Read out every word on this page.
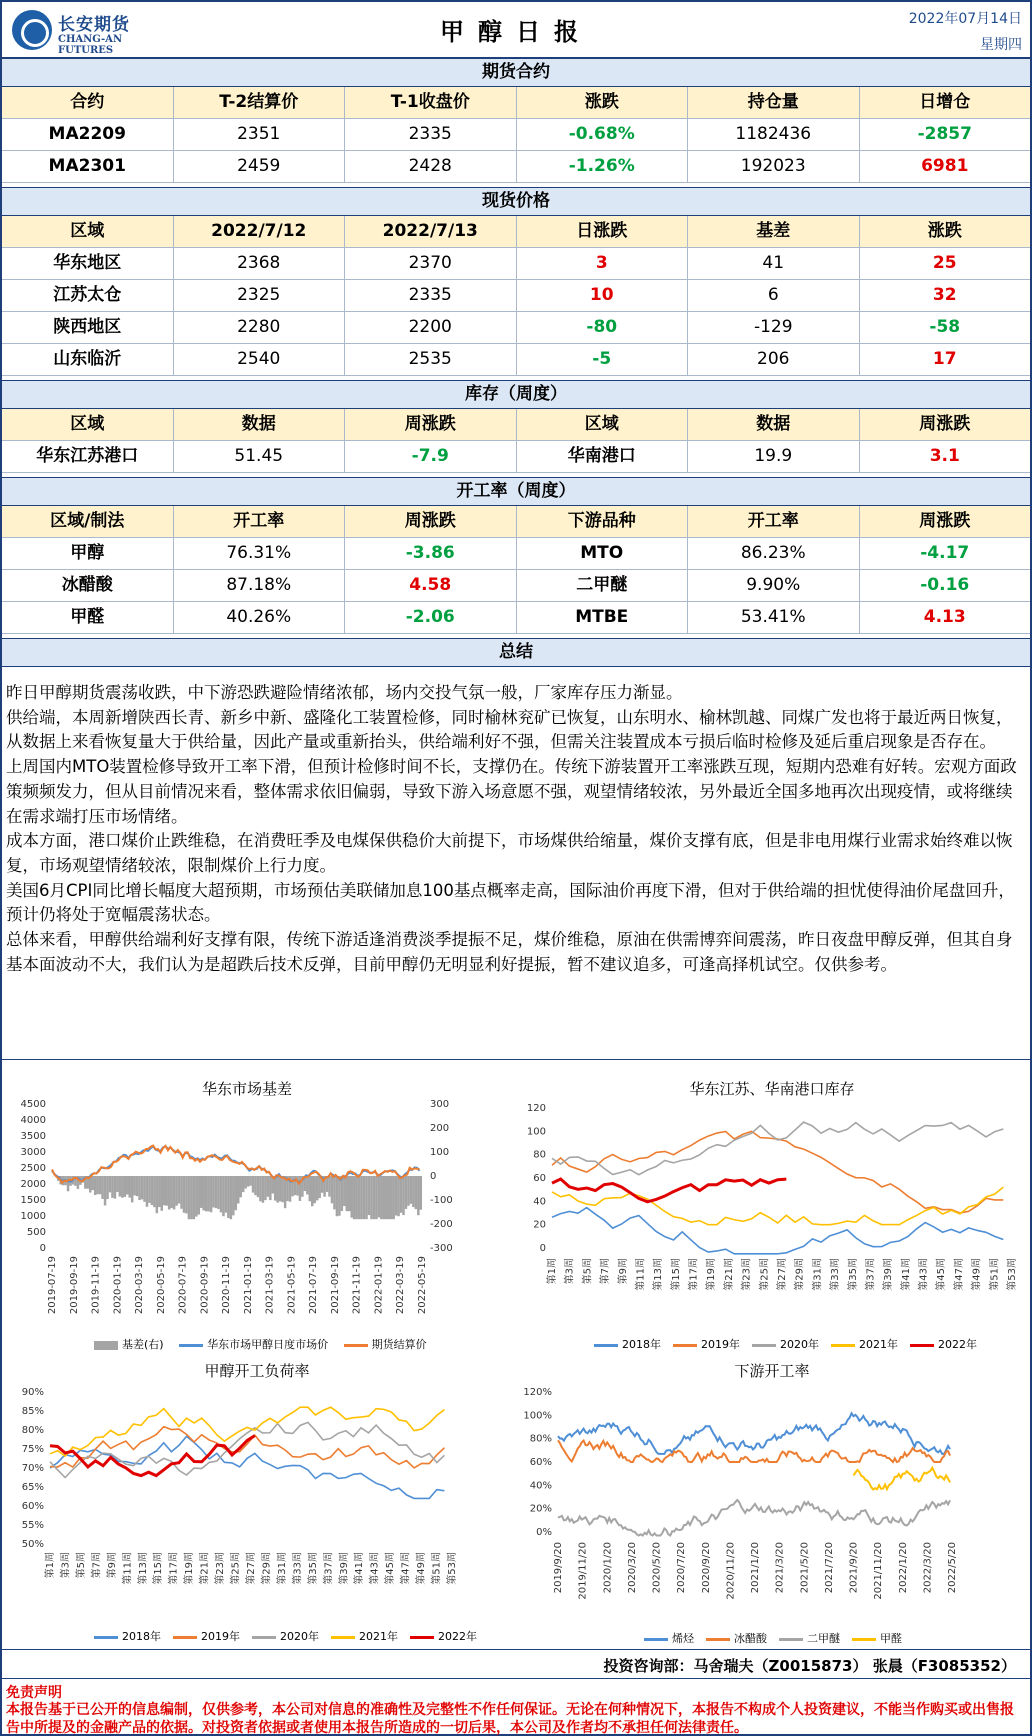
长安期货
CHANG-AN FUTURES
甲醇日报	2022年07月14日
星期四
期货合约
合约	T-2结算价	T-1收盘价	涨跌	持仓量	日增仓
MA2209	2351	2335	-0.68%	1182436	-2857
MA2301	2459	2428	-1.26%	192023	6981
现货价格
区域	2022/7/12	2022/7/13	日涨跌	基差	涨跌
华东地区	2368	2370	3	41	25
江苏太仓	2325	2335	10	6	32
陕西地区	2280	2200	-80	-129	-58
山东临沂	2540	2535	-5	206	17
库存（周度）
区域	数据	周涨跌	区域	数据	周涨跌
华东江苏港口	51.45	-7.9	华南港口	19.9	3.1
开工率（周度）
区域/制法	开工率	周涨跌	下游品种	开工率	周涨跌
甲醇	76.31%	-3.86	MTO	86.23%	-4.17
冰醋酸	87.18%	4.58	二甲醚	9.90%	-0.16
甲醛	40.26%	-2.06	MTBE	53.41%	4.13
总结

昨日甲醇期货震荡收跌，中下游恐跌避险情绪浓郁，场内交投气氛一般，厂家库存压力渐显。

供给端，本周新增陕西长青、新乡中新、盛隆化工装置检修，同时榆林兖矿已恢复，山东明水、榆林凯越、同煤广发也将于最近两日恢复，从数据上来看恢复量大于供给量，因此产量或重新抬头，供给端利好不强，但需关注装置成本亏损后临时检修及延后重启现象是否存在。

上周国内MTO装置检修导致开工率下滑，但预计检修时间不长，支撑仍在。传统下游装置开工率涨跌互现，短期内恐难有好转。宏观方面政策频频发力，但从目前情况来看，整体需求依旧偏弱，导致下游入场意愿不强，观望情绪较浓，另外最近全国多地再次出现疫情，或将继续在需求端打压市场情绪。

成本方面，港口煤价止跌维稳，在消费旺季及电煤保供稳价大前提下，市场煤供给缩量，煤价支撑有底，但是非电用煤行业需求始终难以恢复，市场观望情绪较浓，限制煤价上行力度。

美国6月CPI同比增长幅度大超预期，市场预估美联储加息100基点概率走高，国际油价再度下滑，但对于供给端的担忧使得油价尾盘回升，预计仍将处于宽幅震荡状态。

总体来看，甲醇供给端利好支撑有限，传统下游适逢消费淡季提振不足，煤价维稳，原油在供需博弈间震荡，昨日夜盘甲醇反弹，但其自身基本面波动不大，我们认为是超跌后技术反弹，目前甲醇仍无明显利好提振，暂不建议追多，可逢高择机试空。仅供参考。

华东市场基差
4500
4000
3500
3000
2500
2000
1500
1000
500
0
300
200
100
0
-100
-200
-300
2019-07-19 2019-09-19 2019-11-19 2020-01-19 2020-03-19 2020-05-19 2020-07-19 2020-09-19 2020-11-19 2021-01-19 2021-03-19 2021-05-19 2021-07-19 2021-09-19 2021-11-19 2022-01-19 2022-03-19 2022-05-19
基差(右)	华东市场甲醇日度市场价	期货结算价
华东江苏、华南港口库存
120
100
80
60
40
20
0
第1周 第3周 第5周 第7周 第9周 第11周 第13周 第15周 第17周 第19周 第21周 第23周 第25周 第27周 第29周 第31周 第33周 第35周 第37周 第39周 第41周 第43周 第45周 第47周 第49周 第51周 第53周
2018年	2019年	2020年	2021年	2022年
甲醇开工负荷率
90%
85%
80%
75%
70%
65%
60%
55%
50%
第1周 第3周 第5周 第7周 第9周 第11周 第13周 第15周 第17周 第19周 第21周 第23周 第25周 第27周 第29周 第31周 第33周 第35周 第37周 第39周 第41周 第43周 第45周 第47周 第49周 第51周 第53周
2018年	2019年	2020年	2021年	2022年
下游开工率
120%
100%
80%
60%
40%
20%
0%
2019/9/20 2019/11/20 2020/1/20 2020/3/20 2020/5/20 2020/7/20 2020/9/20 2020/11/20 2021/1/20 2021/3/20 2021/5/20 2021/7/20 2021/9/20 2021/11/20 2022/1/20 2022/3/20 2022/5/20
烯烃	冰醋酸	二甲醚	甲醛
投资咨询部：马舍瑞夫（Z0015873） 张晨（F3085352）
免责声明
本报告基于已公开的信息编制，仅供参考，本公司对信息的准确性及完整性不作任何保证。无论在何种情况下，本报告不构成个人投资建议，不能当作购买或出售报告中所提及的金融产品的依据。对投资者依据或者使用本报告所造成的一切后果，本公司及作者均不承担任何法律责任。
